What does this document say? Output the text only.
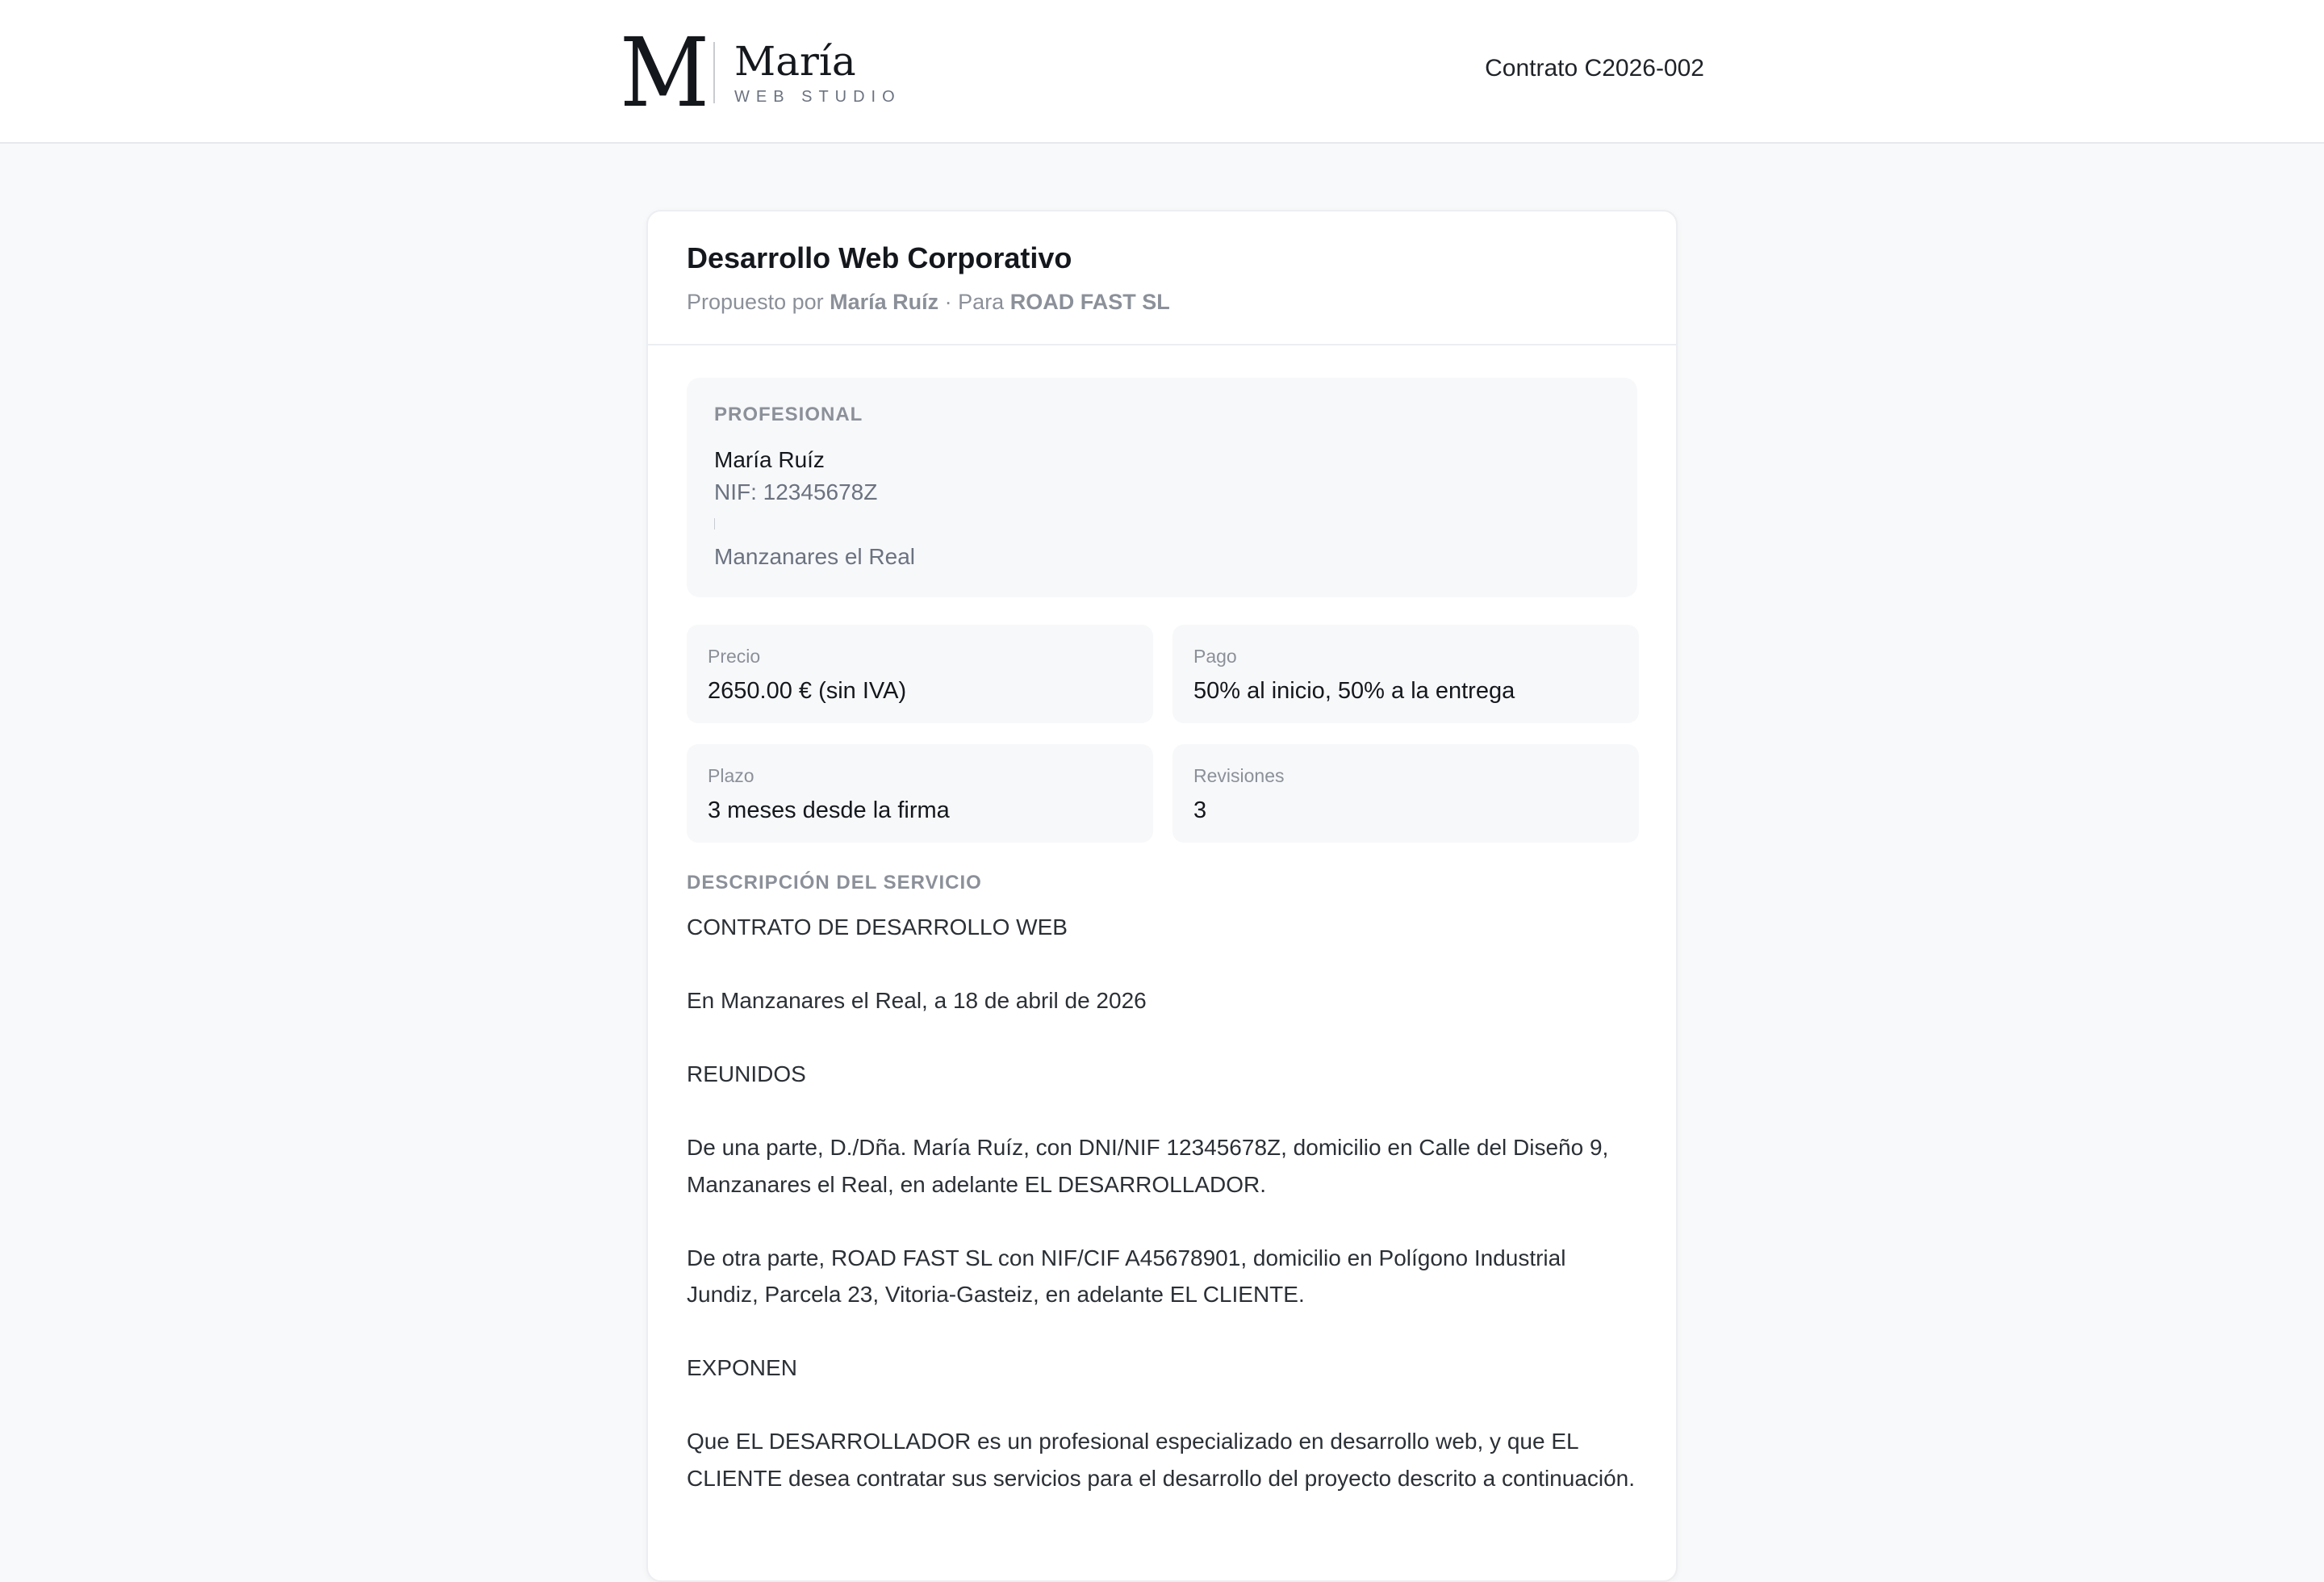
M María
WEB STUDIO
Contrato C2026-002
Desarrollo Web Corporativo
Propuesto por María Ruíz · Para ROAD FAST SL
PROFESIONAL
María Ruíz
NIF: 12345678Z
Manzanares el Real
Precio
2650.00 € (sin IVA)
Pago
50% al inicio, 50% a la entrega
Plazo
3 meses desde la firma
Revisiones
3
DESCRIPCIÓN DEL SERVICIO

CONTRATO DE DESARROLLO WEB

En Manzanares el Real, a 18 de abril de 2026

REUNIDOS

De una parte, D./Dña. María Ruíz, con DNI/NIF 12345678Z, domicilio en Calle del Diseño 9, Manzanares el Real, en adelante EL DESARROLLADOR.

De otra parte, ROAD FAST SL con NIF/CIF A45678901, domicilio en Polígono Industrial Jundiz, Parcela 23, Vitoria-Gasteiz, en adelante EL CLIENTE.

EXPONEN

Que EL DESARROLLADOR es un profesional especializado en desarrollo web, y que EL CLIENTE desea contratar sus servicios para el desarrollo del proyecto descrito a continuación.
